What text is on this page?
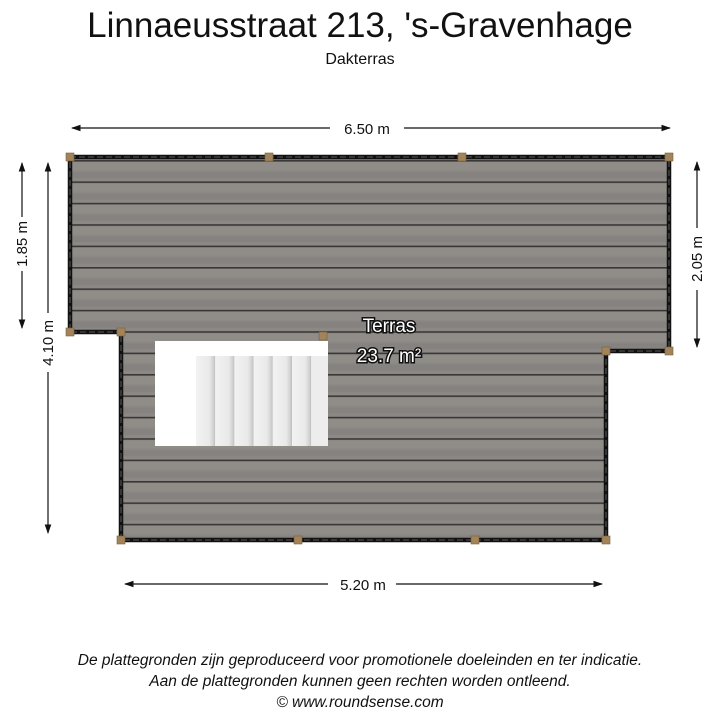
Linnaeusstraat 213, 's-Gravenhage
Dakterras
Terras
23.7 m²
6.50 m
5.20 m
1.85 m
4.10 m
2.05 m
De plattegronden zijn geproduceerd voor promotionele doeleinden en ter indicatie.
Aan de plattegronden kunnen geen rechten worden ontleend.
© www.roundsense.com
